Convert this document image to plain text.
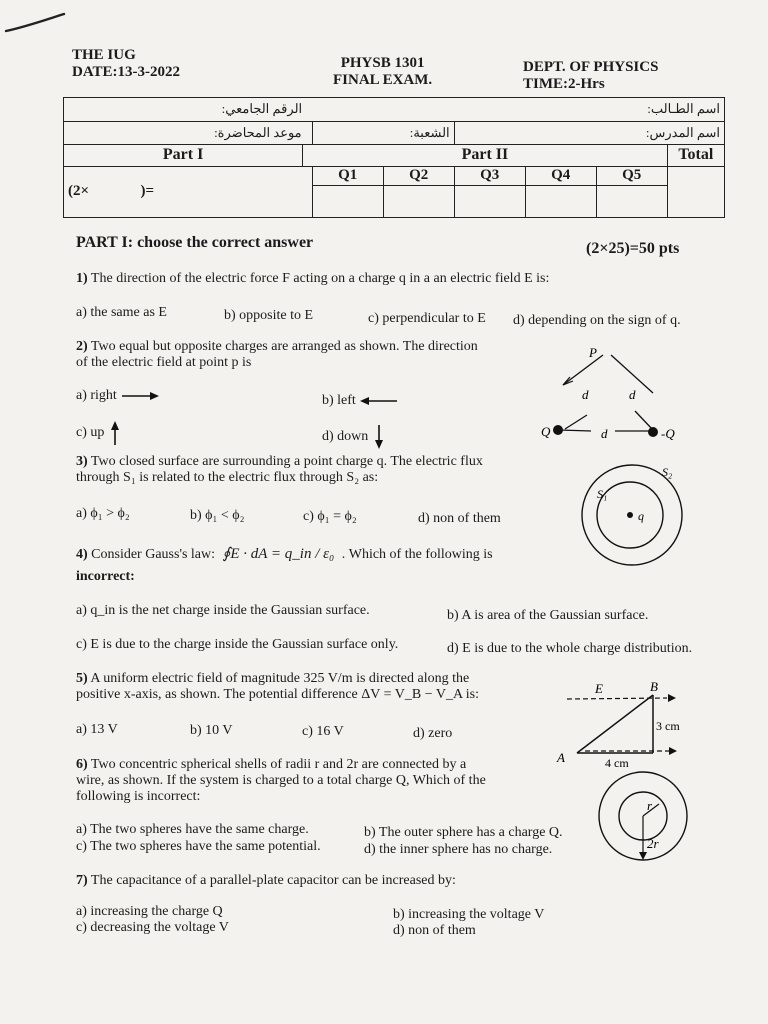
THE IUG
DATE:13-3-2022
PHYSB 1301
FINAL EXAM.
DEPT. OF PHYSICS
TIME:2-Hrs
الرقم الجامعي:		اسم الطـالب:					
موعد المحاضرة:		الشعبة:		اسم المدرس:			
Part I	Part II						Total
(2× )=		Q1	Q2	Q3	Q4	Q5	

PART I: choose the correct answer	(2×25)=50 pts
1) The direction of the electric force F acting on a charge q in a an electric field E is:
a) the same as E	b) opposite to E	c) perpendicular to E d) depending on the sign of q.
2) Two equal but opposite charges are arranged as shown. The direction
of the electric field at point p is
a) right	b) left
c) up	d) down
P
d	d
d
Q	-Q
3) Two closed surface are surrounding a point charge q. The electric flux
through S₁ is related to the electric flux through S₂ as:
a) ϕ₁ > ϕ₂	b) ϕ₁ < ϕ₂	c) ϕ₁ = ϕ₂	d) non of them
S₁
S₂
q
4) Consider Gauss's law: ∮E · dA = q_in / ε₀ . Which of the following is
incorrect:
a) q_in is the net charge inside the Gaussian surface.	b) A is area of the Gaussian surface.
c) E is due to the charge inside the Gaussian surface only.	d) E is due to the whole charge distribution.
5) A uniform electric field of magnitude 325 V/m is directed along the
positive x-axis, as shown. The potential difference ΔV = V_B − V_A is:
a) 13 V	b) 10 V	c) 16 V	d) zero
E	B
A
3 cm
4 cm
6) Two concentric spherical shells of radii r and 2r are connected by a
wire, as shown. If the system is charged to a total charge Q, Which of the
following is incorrect:
a) The two spheres have the same charge.	b) The outer sphere has a charge Q.
c) The two spheres have the same potential.	d) the inner sphere has no charge.
r
2r
7) The capacitance of a parallel-plate capacitor can be increased by:
a) increasing the charge Q	b) increasing the voltage V
c) decreasing the voltage V	d) non of them
